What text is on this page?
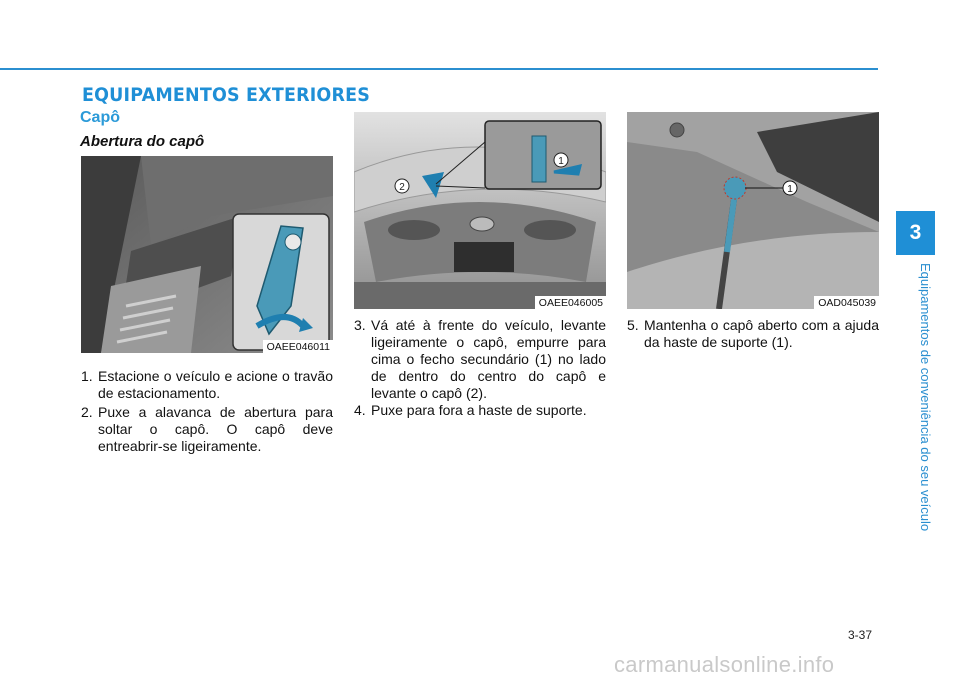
EQUIPAMENTOS EXTERIORES
Capô
Abertura do capô
OAEE046011
1
2
OAEE046005
1
OAD045039
1. Estacione o veículo e acione o travão de estacionamento.
2. Puxe a alavanca de abertura para soltar o capô. O capô deve entreabrir-se ligeiramente.
3. Vá até à frente do veículo, levante ligeiramente o capô, empurre para cima o fecho secundário (1) no lado de dentro do centro do capô e levante o capô (2).
4. Puxe para fora a haste de suporte.
5. Mantenha o capô aberto com a ajuda da haste de suporte (1).
3
Equipamentos de conveniência do seu veículo
3-37
carmanualsonline.info
